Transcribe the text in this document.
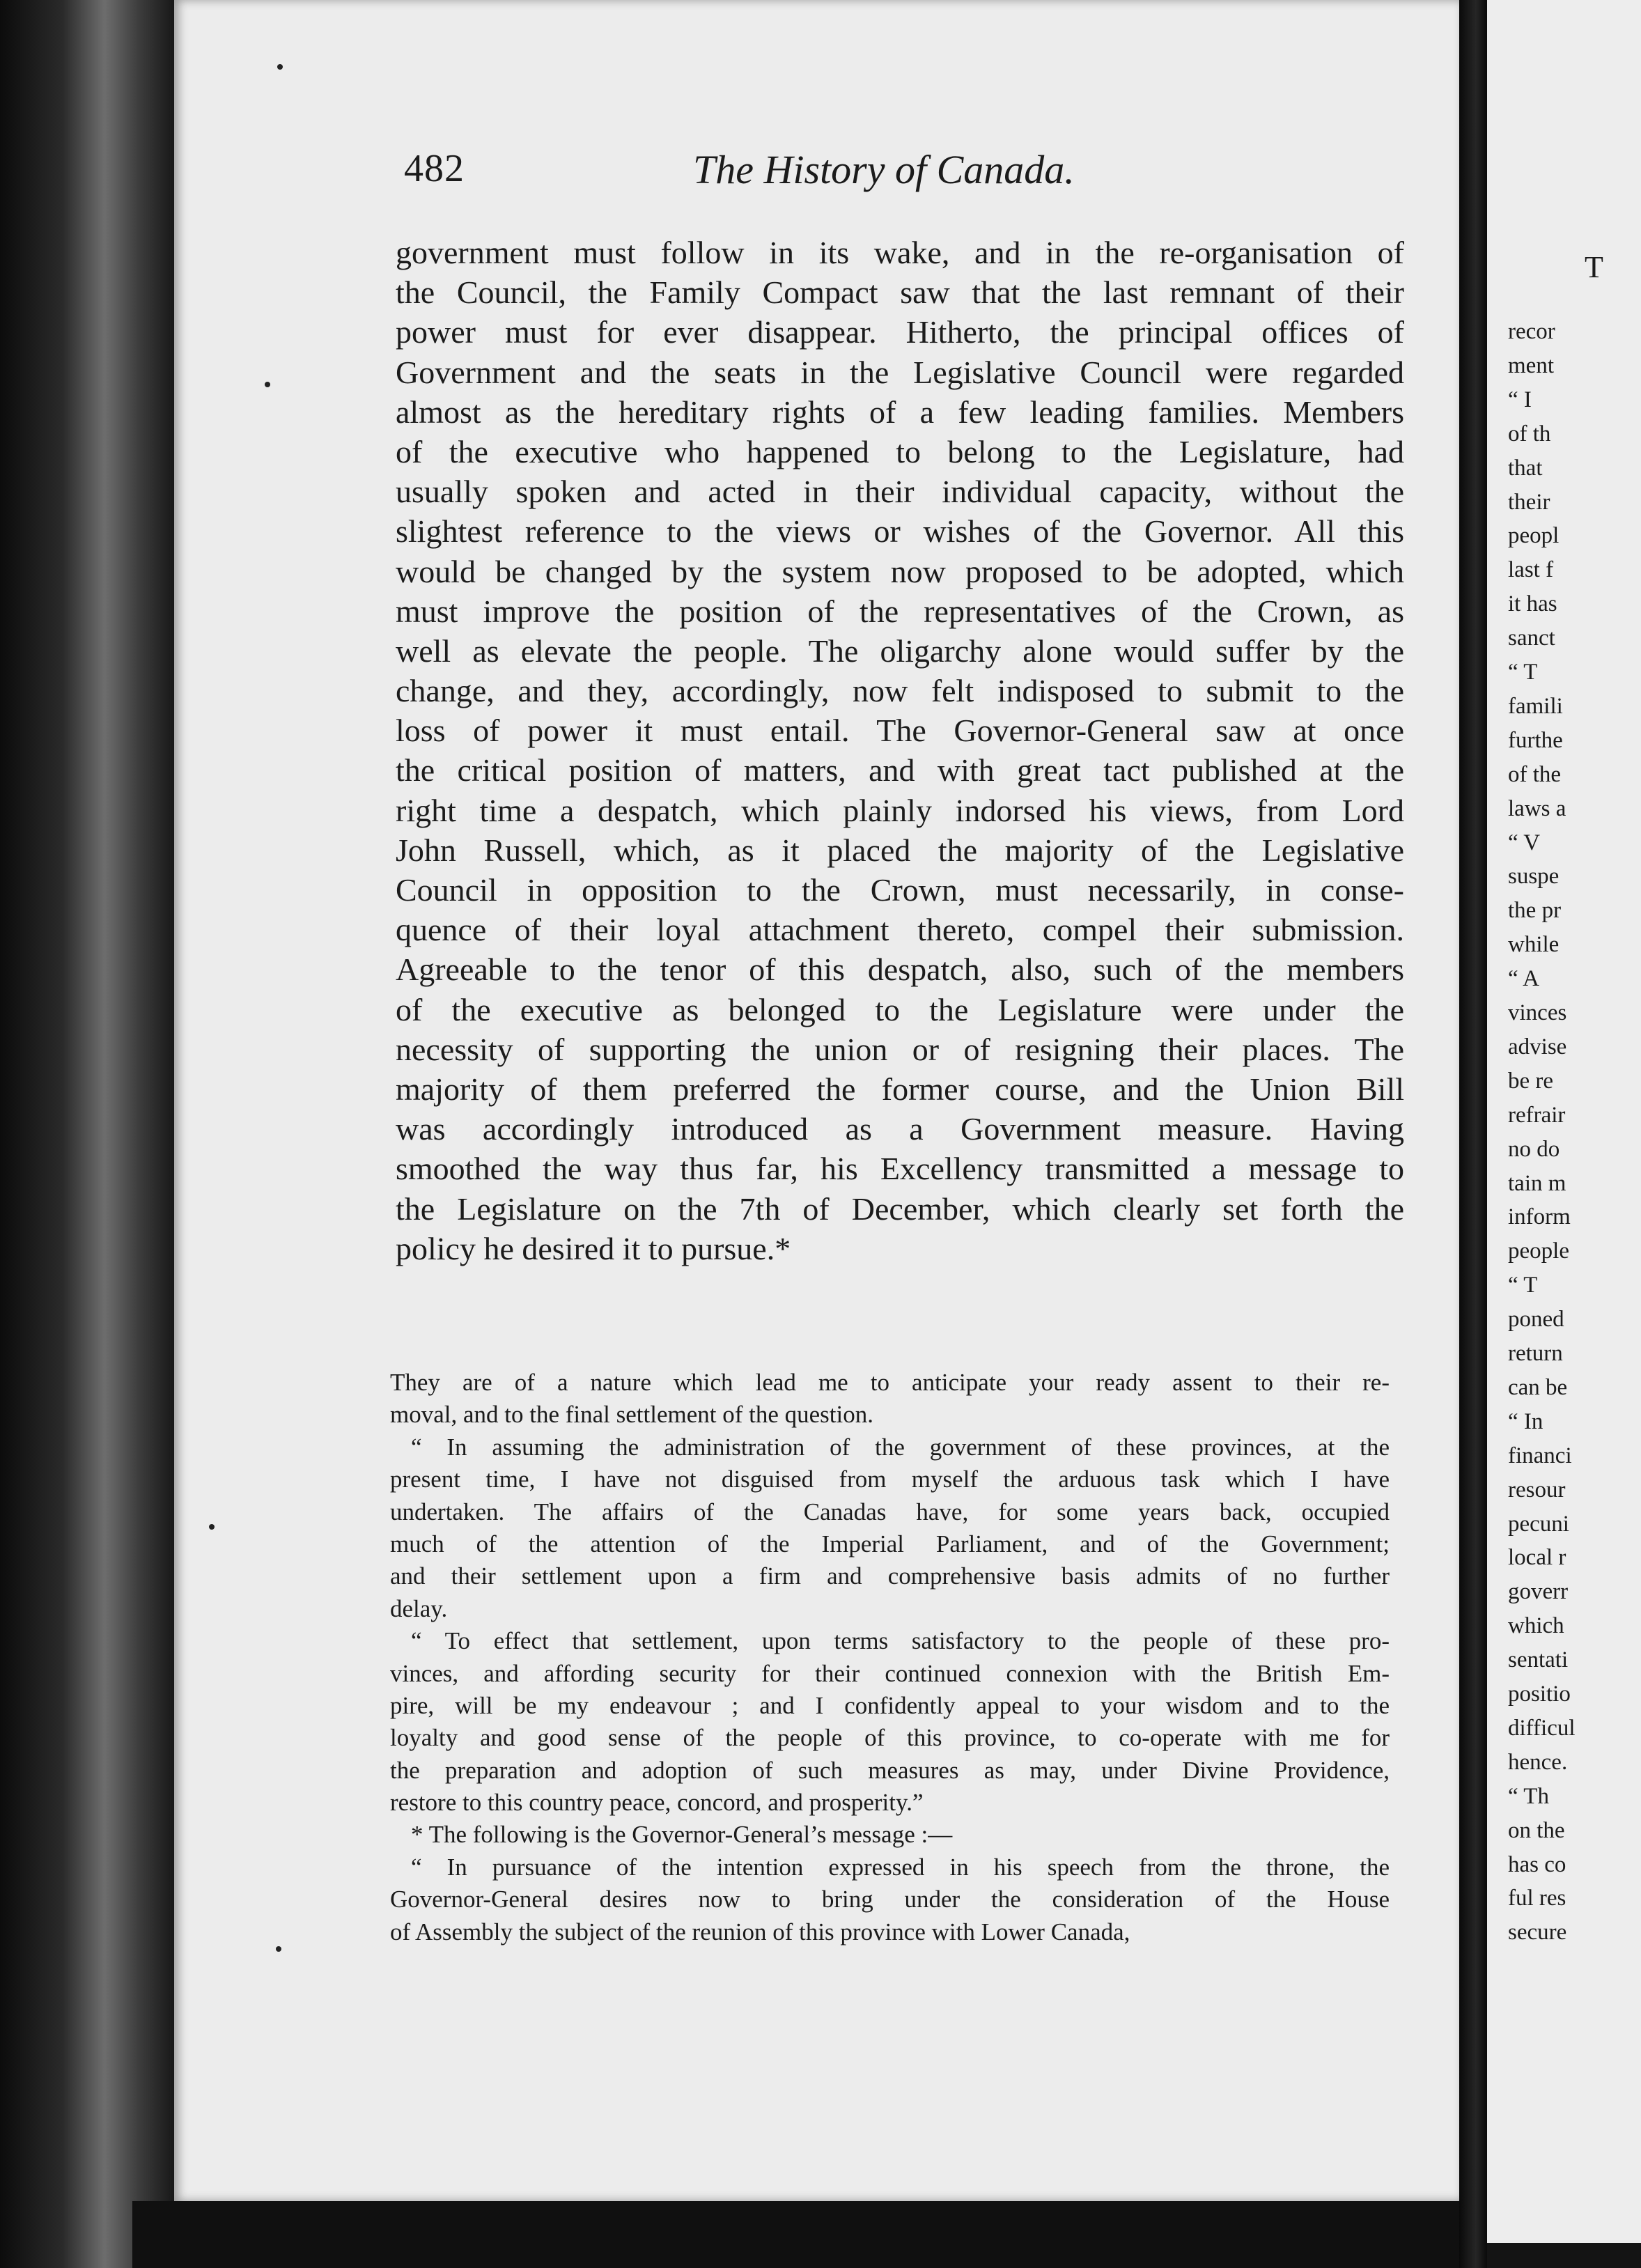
T
recor
ment
“ I
of th
that
their
peopl
last f
it has
sanct
“ T
famili
furthe
of the
laws a
“ V
suspe
the pr
while
“ A
vinces
advise
be re
refrair
no do
tain m
inform
people
“ T
poned
return
can be
“ In
financi
resour
pecuni
local r
goverr
which
sentati
positio
difficul
hence.
“ Th
on the
has co
ful res
secure
482	The History of Canada.
government must follow in its wake, and in the re-organisation of
the Council, the Family Compact saw that the last remnant of their
power must for ever disappear. Hitherto, the principal offices of
Government and the seats in the Legislative Council were regarded
almost as the hereditary rights of a few leading families. Members
of the executive who happened to belong to the Legislature, had
usually spoken and acted in their individual capacity, without the
slightest reference to the views or wishes of the Governor. All this
would be changed by the system now proposed to be adopted, which
must improve the position of the representatives of the Crown, as
well as elevate the people. The oligarchy alone would suffer by the
change, and they, accordingly, now felt indisposed to submit to the
loss of power it must entail. The Governor-General saw at once
the critical position of matters, and with great tact published at the
right time a despatch, which plainly indorsed his views, from Lord
John Russell, which, as it placed the majority of the Legislative
Council in opposition to the Crown, must necessarily, in conse-
quence of their loyal attachment thereto, compel their submission.
Agreeable to the tenor of this despatch, also, such of the members
of the executive as belonged to the Legislature were under the
necessity of supporting the union or of resigning their places. The
majority of them preferred the former course, and the Union Bill
was accordingly introduced as a Government measure. Having
smoothed the way thus far, his Excellency transmitted a message to
the Legislature on the 7th of December, which clearly set forth the
policy he desired it to pursue.*
They are of a nature which lead me to anticipate your ready assent to their re-
moval, and to the final settlement of the question.
“ In assuming the administration of the government of these provinces, at the
present time, I have not disguised from myself the arduous task which I have
undertaken. The affairs of the Canadas have, for some years back, occupied
much of the attention of the Imperial Parliament, and of the Government;
and their settlement upon a firm and comprehensive basis admits of no further
delay.
“ To effect that settlement, upon terms satisfactory to the people of these pro-
vinces, and affording security for their continued connexion with the British Em-
pire, will be my endeavour ; and I confidently appeal to your wisdom and to the
loyalty and good sense of the people of this province, to co-operate with me for
the preparation and adoption of such measures as may, under Divine Providence,
restore to this country peace, concord, and prosperity.”
* The following is the Governor-General’s message :—
“ In pursuance of the intention expressed in his speech from the throne, the
Governor-General desires now to bring under the consideration of the House
of Assembly the subject of the reunion of this province with Lower Canada,
